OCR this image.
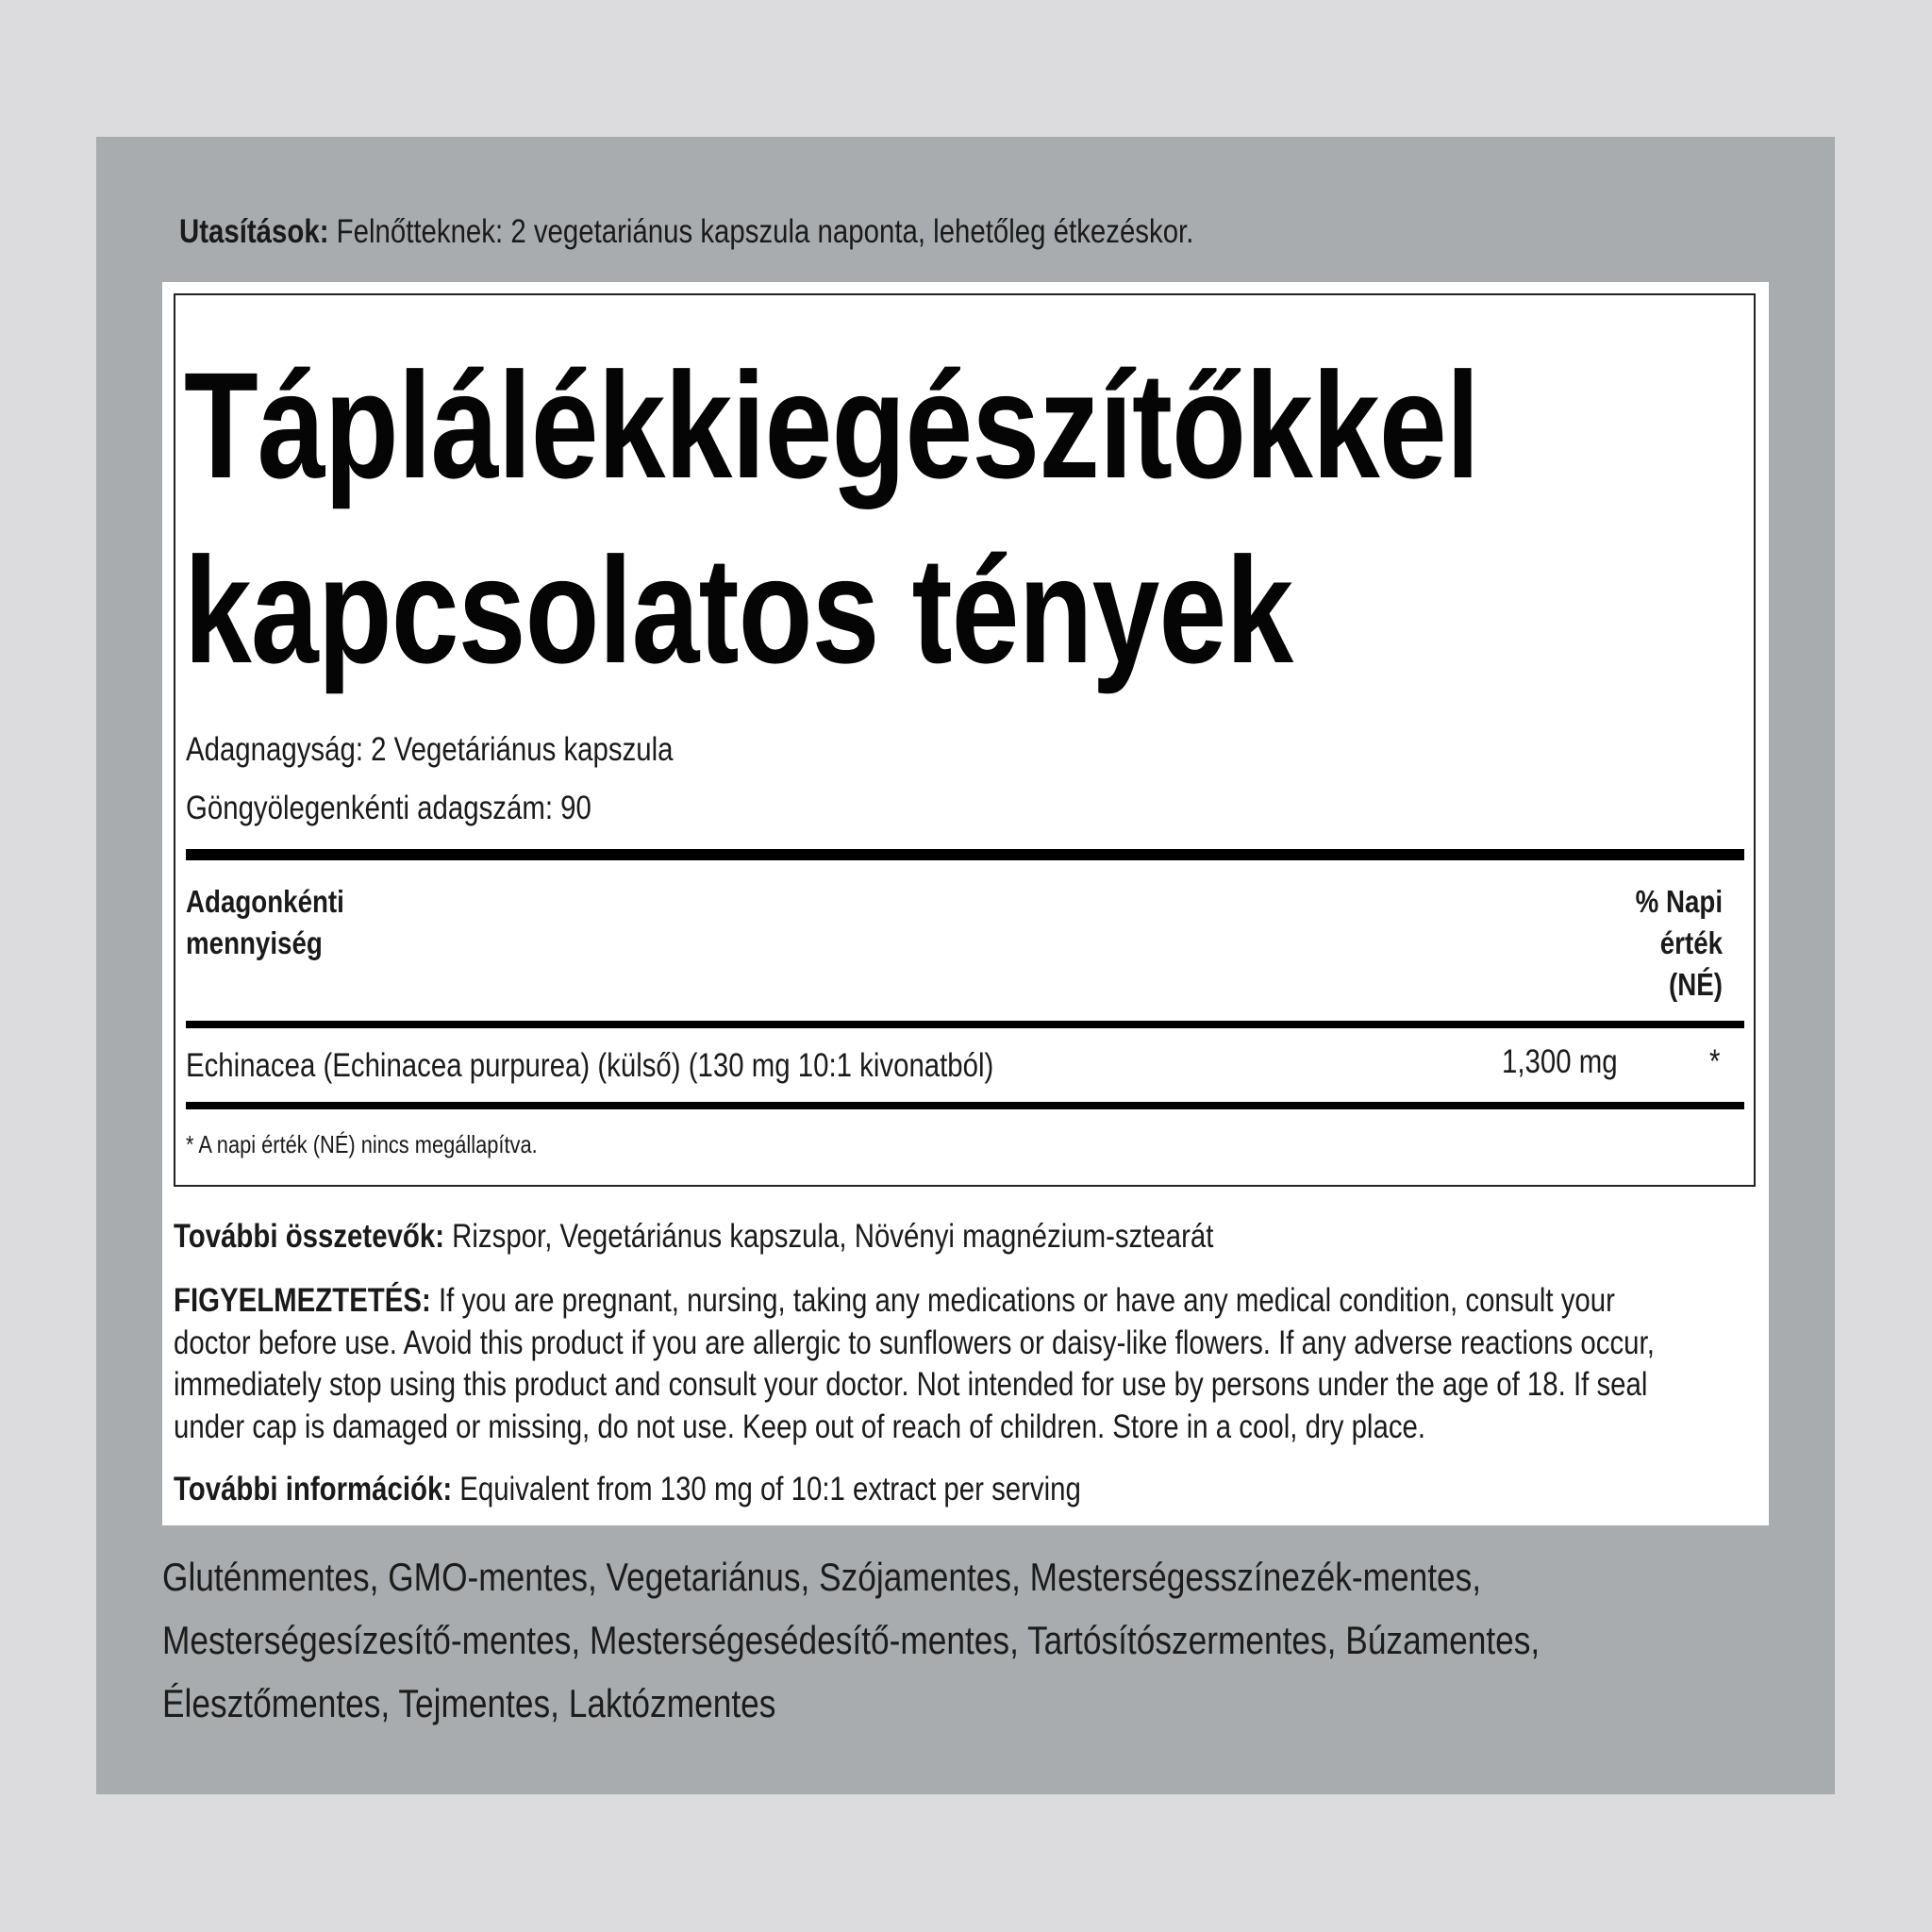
Utasítások: Felnőtteknek: 2 vegetariánus kapszula naponta, lehetőleg étkezéskor.
Táplálékkiegészítőkkel
kapcsolatos tények
Adagnagyság: 2 Vegetáriánus kapszula
Göngyölegenkénti adagszám: 90
Adagonkénti
mennyiség
% Napi
érték
(NÉ)
Echinacea (Echinacea purpurea) (külső) (130 mg 10:1 kivonatból)	1,300 mg	*
* A napi érték (NÉ) nincs megállapítva.
További összetevők: Rizspor, Vegetáriánus kapszula, Növényi magnézium-sztearát
FIGYELMEZTETÉS: If you are pregnant, nursing, taking any medications or have any medical condition, consult your
doctor before use. Avoid this product if you are allergic to sunflowers or daisy-like flowers. If any adverse reactions occur,
immediately stop using this product and consult your doctor. Not intended for use by persons under the age of 18. If seal
under cap is damaged or missing, do not use. Keep out of reach of children. Store in a cool, dry place.
További információk: Equivalent from 130 mg of 10:1 extract per serving
Gluténmentes, GMO-mentes, Vegetariánus, Szójamentes, Mesterségesszínezék-mentes,
Mesterségesízesítő-mentes, Mesterségesédesítő-mentes, Tartósítószermentes, Búzamentes,
Élesztőmentes, Tejmentes, Laktózmentes
